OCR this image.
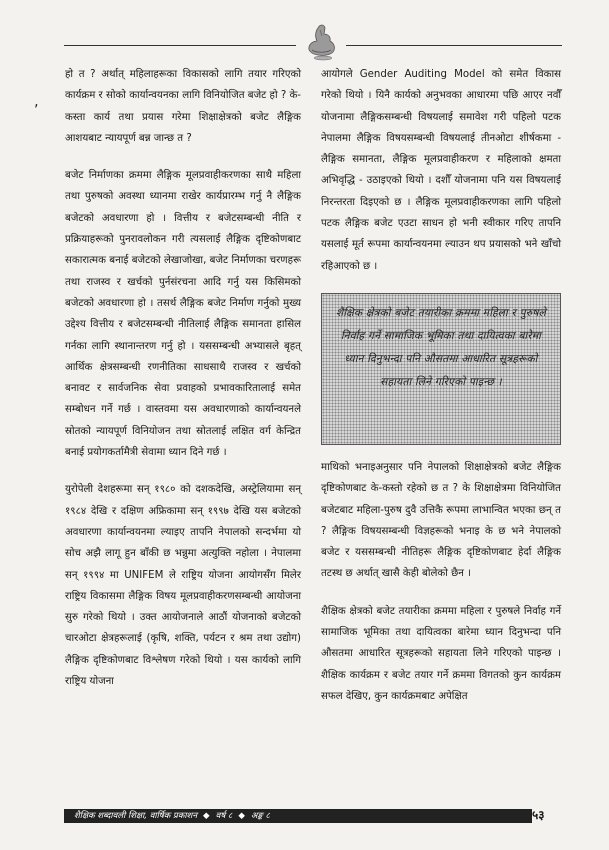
‚

हो त ? अर्थात् महिलाहरूका विकासको लागि तयार गरिएको कार्यक्रम र सोको कार्यान्वयनका लागि विनियोजित बजेट हो ? के-कस्ता कार्य तथा प्रयास गरेमा शिक्षाक्षेत्रको बजेट लैङ्गिक आशयबाट न्यायपूर्ण बन्न जान्छ त ?

बजेट निर्माणका क्रममा लैङ्गिक मूलप्रवाहीकरणका साथै महिला तथा पुरुषको अवस्था ध्यानमा राखेर कार्यप्रारम्भ गर्नु नै लैङ्गिक बजेटको अवधारणा हो । वित्तीय र बजेटसम्बन्धी नीति र प्रक्रियाहरूको पुनरावलोकन गरी त्यसलाई लैङ्गिक दृष्टिकोणबाट सकारात्मक बनाई बजेटको लेखाजोखा, बजेट निर्माणका चरणहरू तथा राजस्व र खर्चको पुर्नसंरचना आदि गर्नु यस किसिमको बजेटको अवधारणा हो । तसर्थ लैङ्गिक बजेट निर्माण गर्नुको मुख्य उद्देश्य वित्तीय र बजेटसम्बन्धी नीतिलाई लैङ्गिक समानता हासिल गर्नका लागि स्थानान्तरण गर्नु हो । यससम्बन्धी अभ्यासले बृहत् आर्थिक क्षेत्रसम्बन्धी रणनीतिका साधसाथै राजस्व र खर्चको बनावट र सार्वजनिक सेवा प्रवाहको प्रभावकारितालाई समेत सम्बोधन गर्ने गर्छ । वास्तवमा यस अवधारणाको कार्यान्वयनले स्रोतको न्यायपूर्ण विनियोजन तथा स्रोतलाई लक्षित वर्ग केन्द्रित बनाई प्रयोगकर्तामैत्री सेवामा ध्यान दिने गर्छ ।

युरोपेली देशहरूमा सन् १९८० को दशकदेखि, अस्ट्रेलियामा सन् १९८४ देखि र दक्षिण अफ्रिकामा सन् १९९७ देखि यस बजेटको अवधारणा कार्यान्वयनमा ल्याइए तापनि नेपालको सन्दर्भमा यो सोच अझै लागू हुन बाँकी छ भन्नुमा अत्युक्ति नहोला । नेपालमा सन् १९९४ मा UNIFEM ले राष्ट्रिय योजना आयोगसँग मिलेर राष्ट्रिय विकासमा लैङ्गिक विषय मूलप्रवाहीकरणसम्बन्धी आयोजना सुरु गरेको थियो । उक्त आयोजनाले आठौं योजनाको बजेटको चारओटा क्षेत्रहरूलाई (कृषि, शक्ति, पर्यटन र श्रम तथा उद्योग) लैङ्गिक दृष्टिकोणबाट विश्लेषण गरेको थियो । यस कार्यको लागि राष्ट्रिय योजना

आयोगले Gender Auditing Model को समेत विकास गरेको थियो । यिनै कार्यको अनुभवका आधारमा पछि आएर नवौँ योजनामा लैङ्गिकसम्बन्धी विषयलाई समावेश गरी पहिलो पटक नेपालमा लैङ्गिक विषयसम्बन्धी विषयलाई तीनओटा शीर्षकमा - लैङ्गिक समानता, लैङ्गिक मूलप्रवाहीकरण र महिलाको क्षमता अभिवृद्धि - उठाइएको थियो । दशौँ योजनामा पनि यस विषयलाई निरन्तरता दिइएको छ । लैङ्गिक मूलप्रवाहीकरणका लागि पहिलो पटक लैङ्गिक बजेट एउटा साधन हो भनी स्वीकार गरिए तापनि यसलाई मूर्त रूपमा कार्यान्वयनमा ल्याउन थप प्रयासको भने खाँचो रहिआएको छ ।

शैक्षिक क्षेत्रको बजेट तयारीका क्रममा महिला र पुरुषले निर्वाह गर्ने सामाजिक भूमिका तथा दायित्वका बारेमा ध्यान दिनुभन्दा पनि औसतमा आधारित सूत्रहरूको सहायता लिने गरिएको पाइन्छ ।

माथिको भनाइअनुसार पनि नेपालको शिक्षाक्षेत्रको बजेट लैङ्गिक दृष्टिकोणबाट के-कस्तो रहेको छ त ? के शिक्षाक्षेत्रमा विनियोजित बजेटबाट महिला-पुरुष दुवै उत्तिकै रूपमा लाभान्वित भएका छन् त ? लैङ्गिक विषयसम्बन्धी विज्ञहरूको भनाइ के छ भने नेपालको बजेट र यससम्बन्धी नीतिहरू लैङ्गिक दृष्टिकोणबाट हेर्दा लैङ्गिक तटस्थ छ अर्थात् खासै केही बोलेको छैन ।

शैक्षिक क्षेत्रको बजेट तयारीका क्रममा महिला र पुरुषले निर्वाह गर्ने सामाजिक भूमिका तथा दायित्वका बारेमा ध्यान दिनुभन्दा पनि औसतमा आधारित सूत्रहरूको सहायता लिने गरिएको पाइन्छ । शैक्षिक कार्यक्रम र बजेट तयार गर्ने क्रममा विगतको कुन कार्यक्रम सफल देखिए, कुन कार्यक्रमबाट अपेक्षित

शैक्षिक शब्दावली शिक्षा, वार्षिक प्रकाशन ◆ वर्ष ८ ◆ अङ्क ८	५३
